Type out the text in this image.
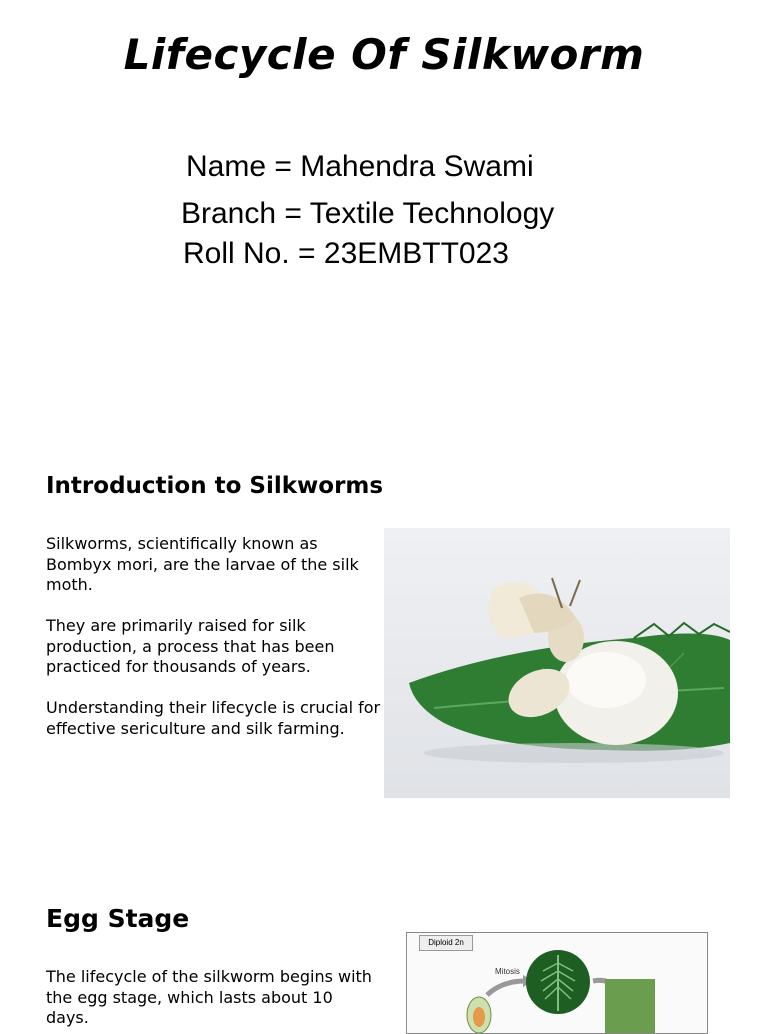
Lifecycle Of Silkworm
Name = Mahendra Swami
Branch = Textile Technology
Roll No. = 23EMBTT023
Introduction to Silkworms

Silkworms, scientifically known as Bombyx mori, are the larvae of the silk moth.

They are primarily raised for silk production, a process that has been practiced for thousands of years.

Understanding their lifecycle is crucial for effective sericulture and silk farming.

Egg Stage

The lifecycle of the silkworm begins with the egg stage, which lasts about 10 days.

Diploid 2n
Mitosis
